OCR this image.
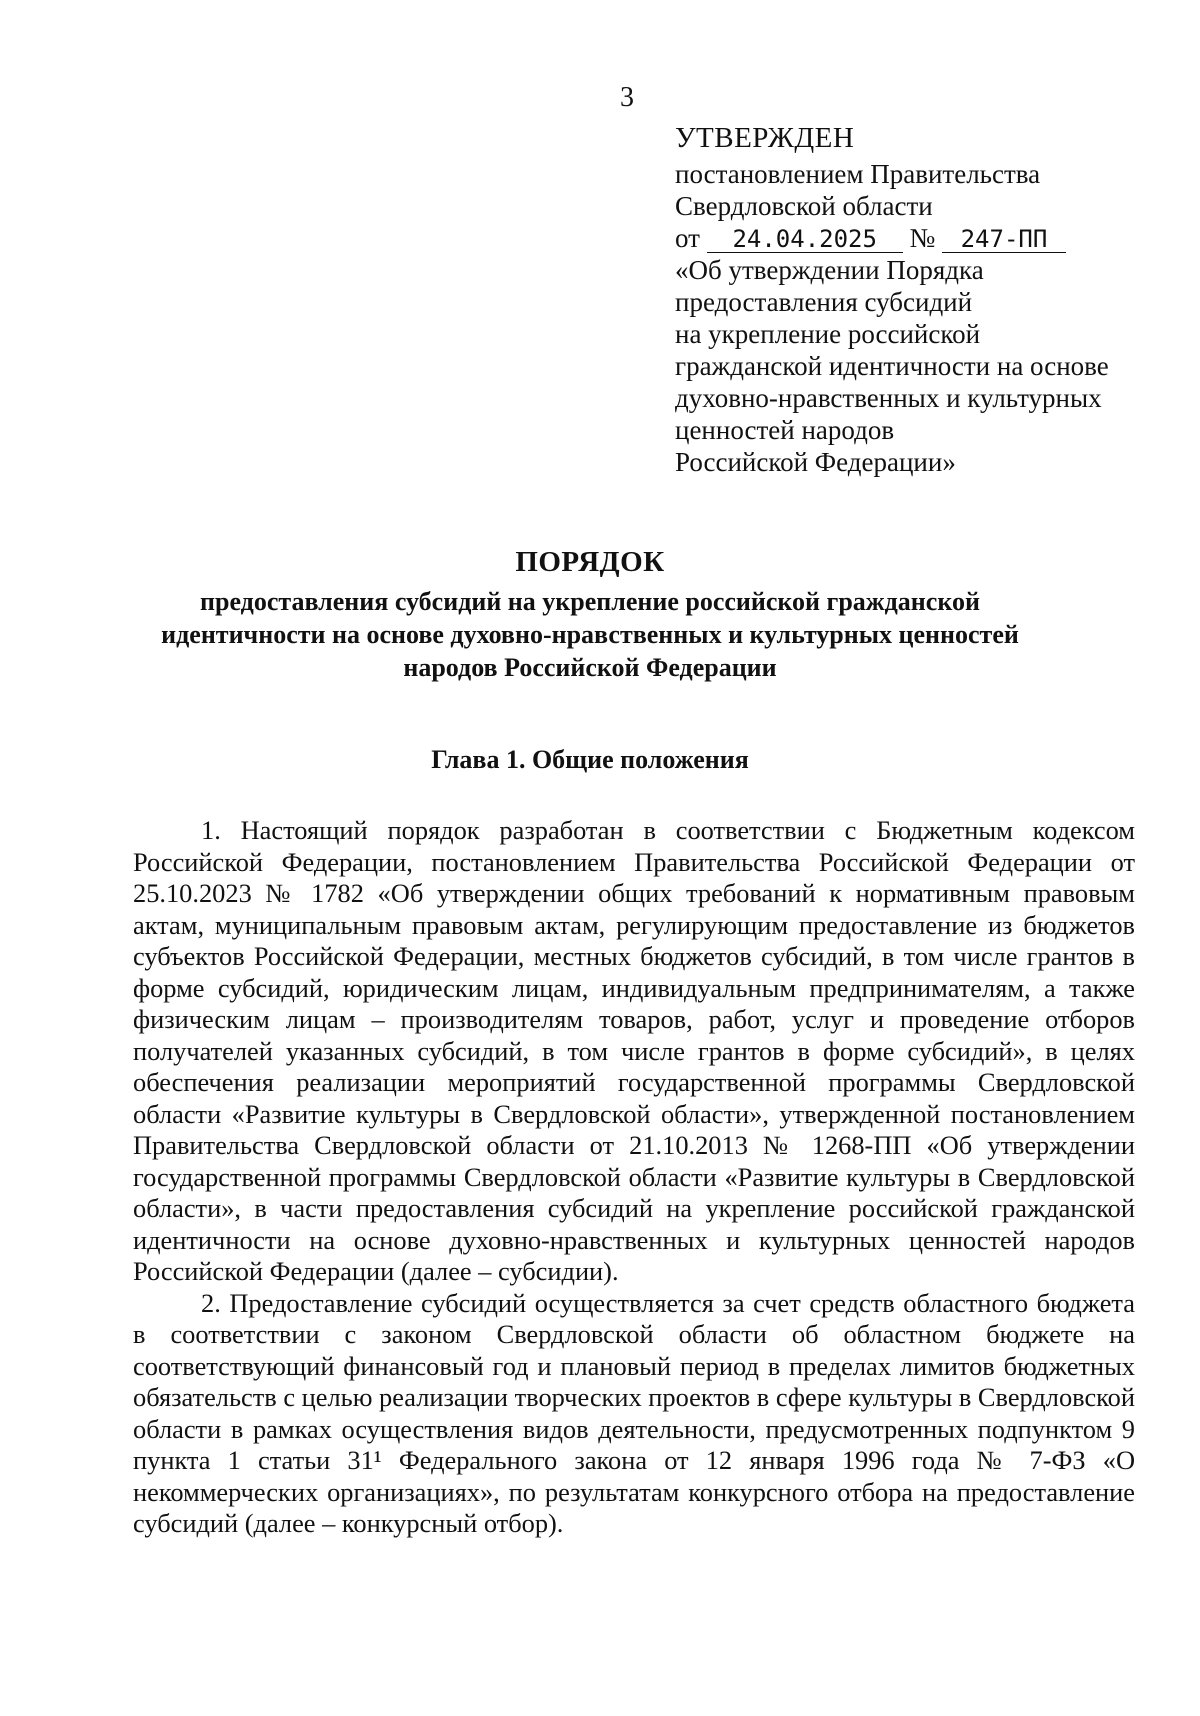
3
УТВЕРЖДЕН
постановлением Правительства
Свердловской области
от 24.04.2025 № 247-ПП
«Об утверждении Порядка
предоставления субсидий
на укрепление российской
гражданской идентичности на основе
духовно-нравственных и культурных
ценностей народов
Российской Федерации»
ПОРЯДОК
предоставления субсидий на укрепление российской гражданской идентичности на основе духовно-нравственных и культурных ценностей народов Российской Федерации
Глава 1. Общие положения

1. Настоящий порядок разработан в соответствии с Бюджетным кодексом Российской Федерации, постановлением Правительства Российской Федерации от 25.10.2023 № 1782 «Об утверждении общих требований к нормативным правовым актам, муниципальным правовым актам, регулирующим предоставление из бюджетов субъектов Российской Федерации, местных бюджетов субсидий, в том числе грантов в форме субсидий, юридическим лицам, индивидуальным предпринимателям, а также физическим лицам – производителям товаров, работ, услуг и проведение отборов получателей указанных субсидий, в том числе грантов в форме субсидий», в целях обеспечения реализации мероприятий государственной программы Свердловской области «Развитие культуры в Свердловской области», утвержденной постановлением Правительства Свердловской области от 21.10.2013 № 1268-ПП «Об утверждении государственной программы Свердловской области «Развитие культуры в Свердловской области», в части предоставления субсидий на укрепление российской гражданской идентичности на основе духовно-нравственных и культурных ценностей народов Российской Федерации (далее – субсидии).

2. Предоставление субсидий осуществляется за счет средств областного бюджета в соответствии с законом Свердловской области об областном бюджете на соответствующий финансовый год и плановый период в пределах лимитов бюджетных обязательств с целью реализации творческих проектов в сфере культуры в Свердловской области в рамках осуществления видов деятельности, предусмотренных подпунктом 9 пункта 1 статьи 31¹ Федерального закона от 12 января 1996 года № 7-ФЗ «О некоммерческих организациях», по результатам конкурсного отбора на предоставление субсидий (далее – конкурсный отбор).
